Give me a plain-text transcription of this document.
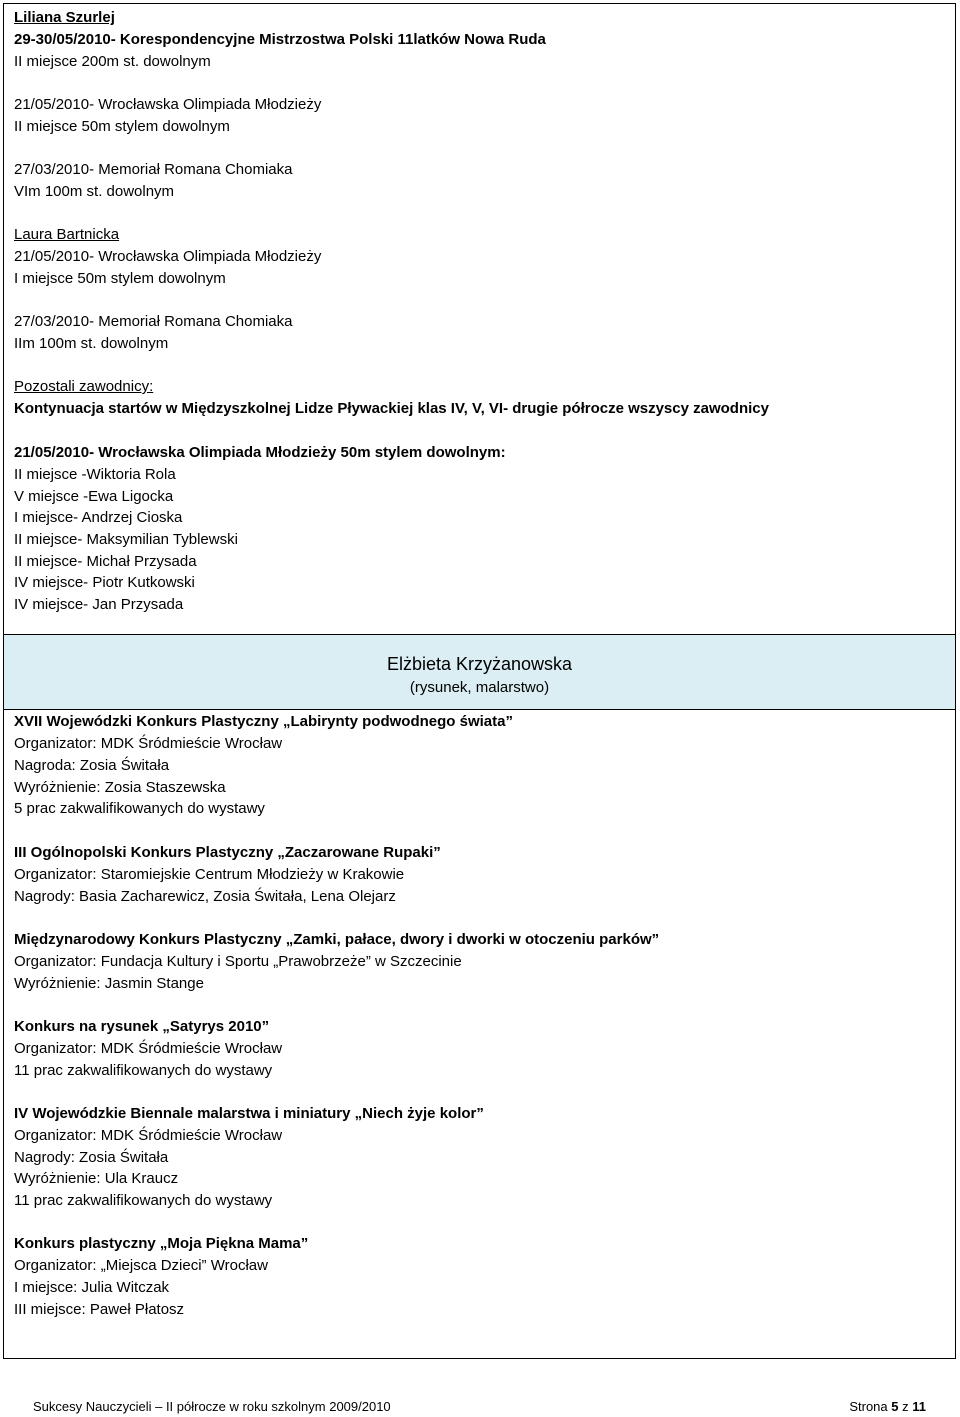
Liliana Szurlej
29-30/05/2010- Korespondencyjne Mistrzostwa Polski 11latków Nowa Ruda
II miejsce 200m st. dowolnym
21/05/2010- Wrocławska Olimpiada Młodzieży
II miejsce 50m stylem dowolnym
27/03/2010- Memoriał Romana Chomiaka
VIm 100m st. dowolnym
Laura Bartnicka
21/05/2010- Wrocławska Olimpiada Młodzieży
I miejsce 50m stylem dowolnym
27/03/2010- Memoriał Romana Chomiaka
IIm 100m st. dowolnym
Pozostali zawodnicy:
Kontynuacja startów w Międzyszkolnej Lidze Pływackiej klas IV, V, VI- drugie półrocze wszyscy zawodnicy
21/05/2010- Wrocławska Olimpiada Młodzieży 50m stylem dowolnym:
II miejsce -Wiktoria Rola
V miejsce -Ewa Ligocka
I miejsce- Andrzej Cioska
II miejsce- Maksymilian Tyblewski
II miejsce- Michał Przysada
IV miejsce- Piotr Kutkowski
IV miejsce- Jan Przysada
Elżbieta Krzyżanowska
(rysunek, malarstwo)
XVII Wojewódzki Konkurs Plastyczny „Labirynty podwodnego świata”
Organizator: MDK Śródmieście Wrocław
Nagroda: Zosia Świtała
Wyróżnienie: Zosia Staszewska
5 prac zakwalifikowanych do wystawy
III Ogólnopolski Konkurs Plastyczny „Zaczarowane Rupaki”
Organizator: Staromiejskie Centrum Młodzieży w Krakowie
Nagrody: Basia Zacharewicz, Zosia Świtała, Lena Olejarz
Międzynarodowy Konkurs Plastyczny „Zamki, pałace, dwory i dworki w otoczeniu parków”
Organizator: Fundacja Kultury i Sportu „Prawobrzeże” w Szczecinie
Wyróżnienie: Jasmin Stange
Konkurs na rysunek „Satyrys 2010”
Organizator: MDK Śródmieście Wrocław
11 prac zakwalifikowanych do wystawy
IV Wojewódzkie Biennale malarstwa i miniatury „Niech żyje kolor”
Organizator: MDK Śródmieście Wrocław
Nagrody: Zosia Świtała
Wyróżnienie: Ula Kraucz
11 prac zakwalifikowanych do wystawy
Konkurs plastyczny „Moja Piękna Mama”
Organizator: „Miejsca Dzieci” Wrocław
I miejsce: Julia Witczak
III miejsce: Paweł Płatosz
Sukcesy Nauczycieli – II półrocze w roku szkolnym 2009/2010	Strona 5 z 11
